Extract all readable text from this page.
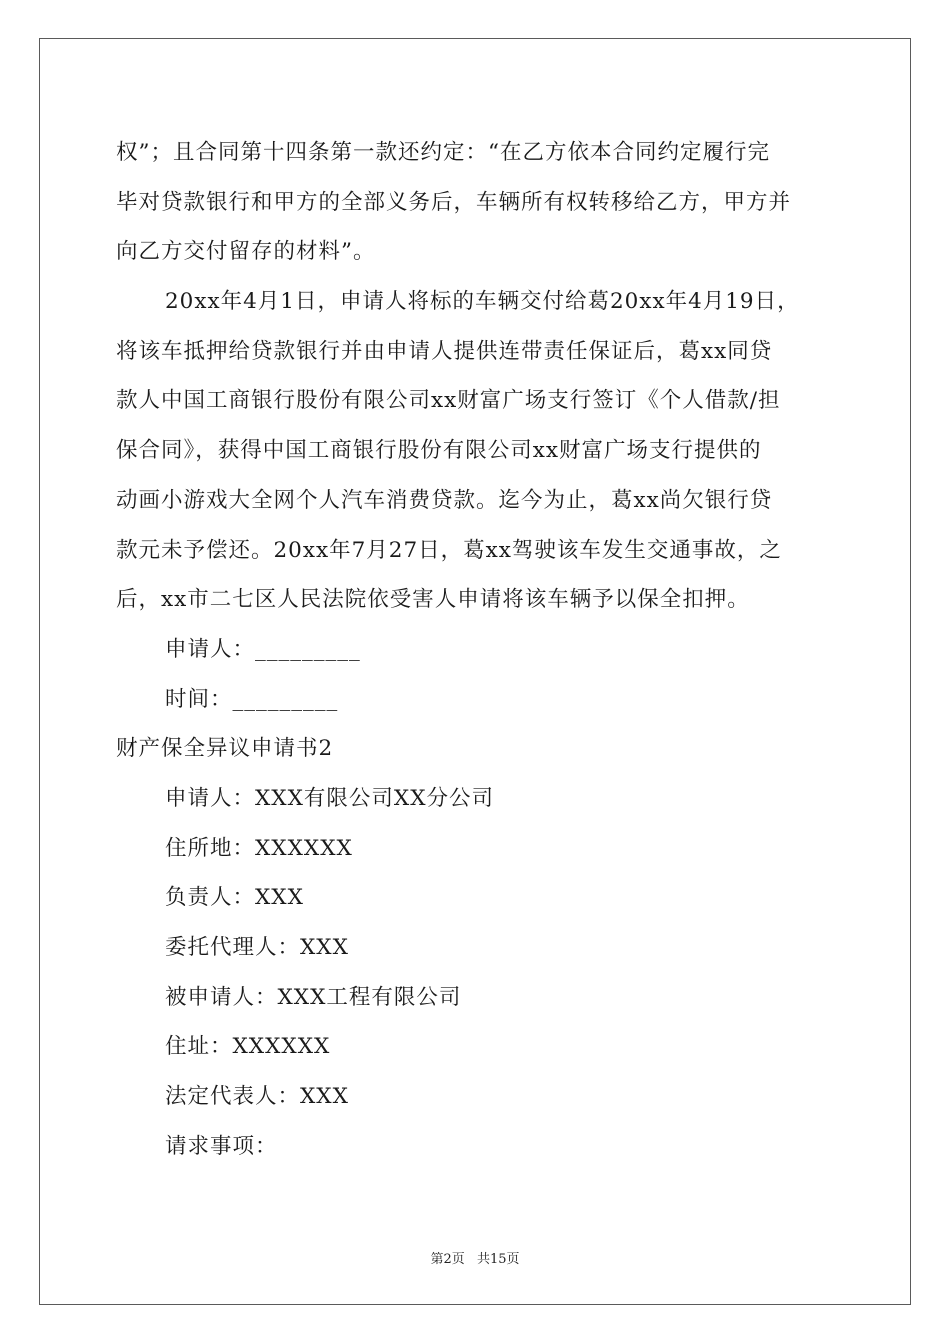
权”；且合同第十四条第一款还约定：“在乙方依本合同约定履行完
毕对贷款银行和甲方的全部义务后，车辆所有权转移给乙方，甲方并
向乙方交付留存的材料”。
20xx年4月1日，申请人将标的车辆交付给葛20xx年4月19日，
将该车抵押给贷款银行并由申请人提供连带责任保证后，葛xx同贷
款人中国工商银行股份有限公司xx财富广场支行签订《个人借款/担
保合同》，获得中国工商银行股份有限公司xx财富广场支行提供的
动画小游戏大全网个人汽车消费贷款。迄今为止，葛xx尚欠银行贷
款元未予偿还。20xx年7月27日，葛xx驾驶该车发生交通事故，之
后，xx市二七区人民法院依受害人申请将该车辆予以保全扣押。
申请人：_________
时间：_________
财产保全异议申请书2
申请人：XXX有限公司XX分公司
住所地：XXXXXX
负责人：XXX
委托代理人：XXX
被申请人：XXX工程有限公司
住址：XXXXXX
法定代表人：XXX
请求事项：
第2页 共15页
